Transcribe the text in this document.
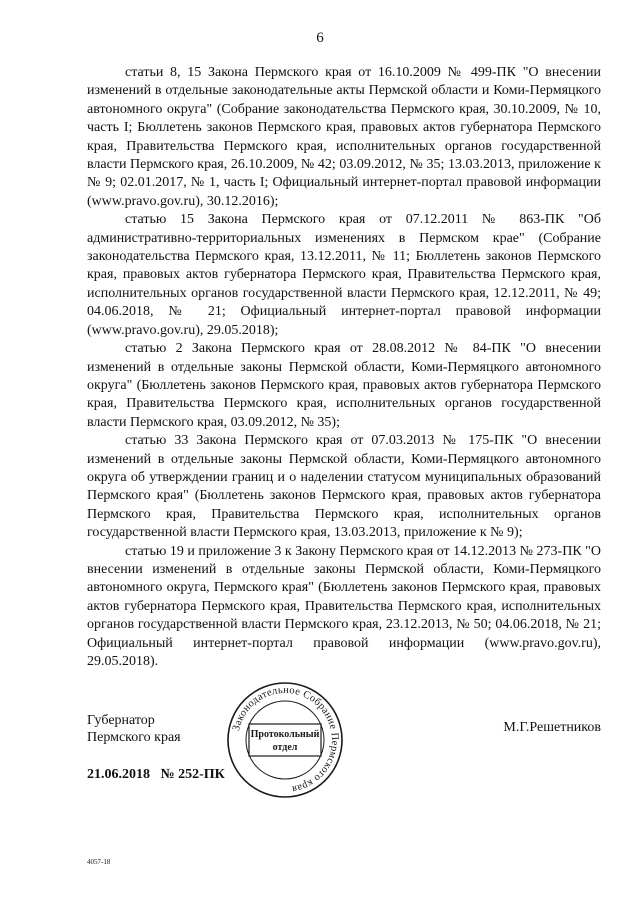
6

статьи 8, 15 Закона Пермского края от 16.10.2009 № 499-ПК "О внесении изменений в отдельные законодательные акты Пермской области и Коми-Пермяцкого автономного округа" (Собрание законодательства Пермского края, 30.10.2009, № 10, часть I; Бюллетень законов Пермского края, правовых актов губернатора Пермского края, Правительства Пермского края, исполнительных органов государственной власти Пермского края, 26.10.2009, № 42; 03.09.2012, № 35; 13.03.2013, приложение к № 9; 02.01.2017, № 1, часть I; Официальный интернет-портал правовой информации (www.pravo.gov.ru), 30.12.2016);

статью 15 Закона Пермского края от 07.12.2011 № 863-ПК "Об административно-территориальных изменениях в Пермском крае" (Собрание законодательства Пермского края, 13.12.2011, № 11; Бюллетень законов Пермского края, правовых актов губернатора Пермского края, Правительства Пермского края, исполнительных органов государственной власти Пермского края, 12.12.2011, № 49; 04.06.2018, № 21; Официальный интернет-портал правовой информации (www.pravo.gov.ru), 29.05.2018);

статью 2 Закона Пермского края от 28.08.2012 № 84-ПК "О внесении изменений в отдельные законы Пермской области, Коми-Пермяцкого автономного округа" (Бюллетень законов Пермского края, правовых актов губернатора Пермского края, Правительства Пермского края, исполнительных органов государственной власти Пермского края, 03.09.2012, № 35);

статью 33 Закона Пермского края от 07.03.2013 № 175-ПК "О внесении изменений в отдельные законы Пермской области, Коми-Пермяцкого автономного округа об утверждении границ и о наделении статусом муниципальных образований Пермского края" (Бюллетень законов Пермского края, правовых актов губернатора Пермского края, Правительства Пермского края, исполнительных органов государственной власти Пермского края, 13.03.2013, приложение к № 9);

статью 19 и приложение 3 к Закону Пермского края от 14.12.2013 № 273-ПК "О внесении изменений в отдельные законы Пермской области, Коми-Пермяцкого автономного округа, Пермского края" (Бюллетень законов Пермского края, правовых актов губернатора Пермского края, Правительства Пермского края, исполнительных органов государственной власти Пермского края, 23.12.2013, № 50; 04.06.2018, № 21; Официальный интернет-портал правовой информации (www.pravo.gov.ru), 29.05.2018).

Губернатор
Пермского края
М.Г.Решетников
21.06.2018 № 252-ПК
Законодательное Собрание Пермского края
Протокольный
отдел
4057-18
